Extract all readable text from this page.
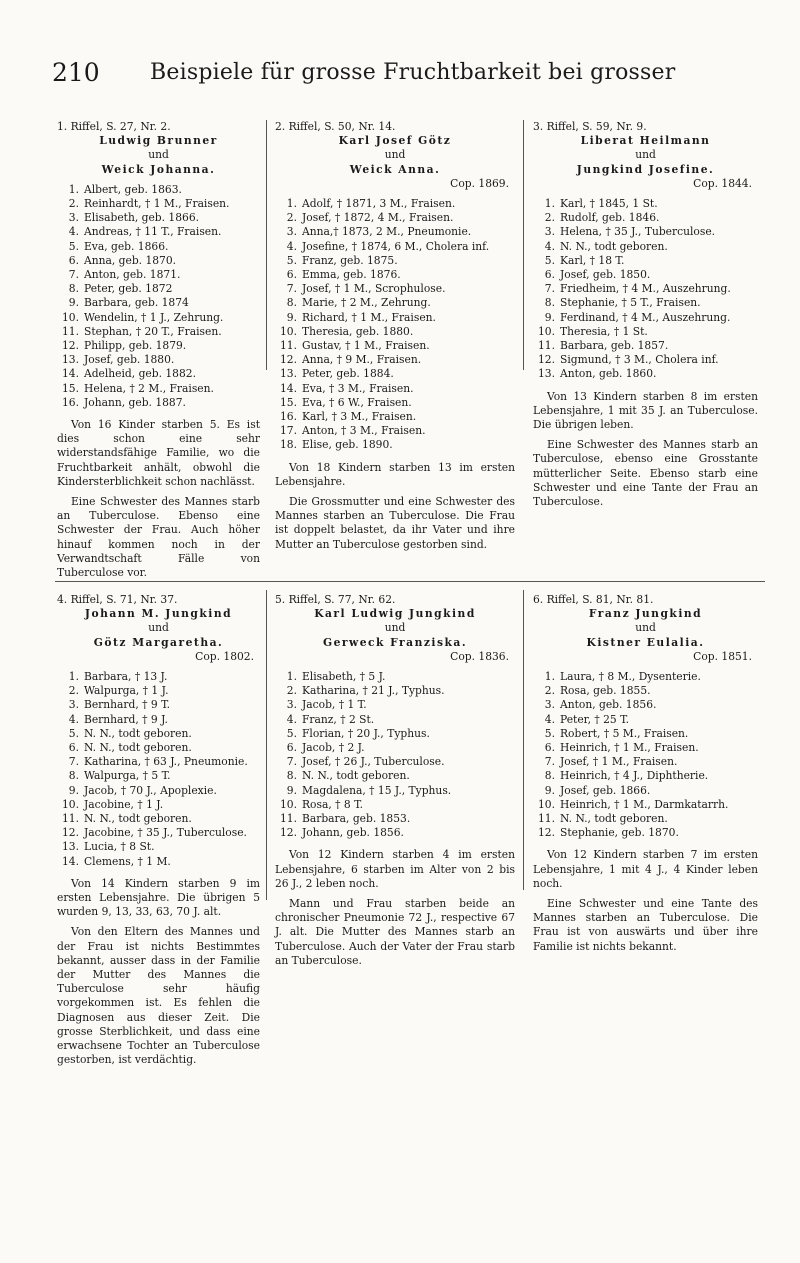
210 Beispiele für grosse Fruchtbarkeit bei grosser
1. Riffel, S. 27, Nr. 2.
Ludwig Brunner
und
Weick Johanna.
1. Albert, geb. 1863.
2. Reinhardt, † 1 M., Fraisen.
3. Elisabeth, geb. 1866.
4. Andreas, † 11 T., Fraisen.
5. Eva, geb. 1866.
6. Anna, geb. 1870.
7. Anton, geb. 1871.
8. Peter, geb. 1872
9. Barbara, geb. 1874
10. Wendelin, † 1 J., Zehrung.
11. Stephan, † 20 T., Fraisen.
12. Philipp, geb. 1879.
13. Josef, geb. 1880.
14. Adelheid, geb. 1882.
15. Helena, † 2 M., Fraisen.
16. Johann, geb. 1887.

Von 16 Kinder starben 5. Es ist dies schon eine sehr widerstandsfähige Familie, wo die Fruchtbarkeit anhält, obwohl die Kindersterblichkeit schon nachlässt.

Eine Schwester des Mannes starb an Tuberculose. Ebenso eine Schwester der Frau. Auch höher hinauf kommen noch in der Verwandtschaft Fälle von Tuberculose vor.

2. Riffel, S. 50, Nr. 14.
Karl Josef Götz
und
Weick Anna.
Cop. 1869.
1. Adolf, † 1871, 3 M., Fraisen.
2. Josef, † 1872, 4 M., Fraisen.
3. Anna,† 1873, 2 M., Pneumonie.
4. Josefine, † 1874, 6 M., Cholera inf.
5. Franz, geb. 1875.
6. Emma, geb. 1876.
7. Josef, † 1 M., Scrophulose.
8. Marie, † 2 M., Zehrung.
9. Richard, † 1 M., Fraisen.
10. Theresia, geb. 1880.
11. Gustav, † 1 M., Fraisen.
12. Anna, † 9 M., Fraisen.
13. Peter, geb. 1884.
14. Eva, † 3 M., Fraisen.
15. Eva, † 6 W., Fraisen.
16. Karl, † 3 M., Fraisen.
17. Anton, † 3 M., Fraisen.
18. Elise, geb. 1890.

Von 18 Kindern starben 13 im ersten Lebensjahre.

Die Grossmutter und eine Schwester des Mannes starben an Tuberculose. Die Frau ist doppelt belastet, da ihr Vater und ihre Mutter an Tuberculose gestorben sind.

3. Riffel, S. 59, Nr. 9.
Liberat Heilmann
und
Jungkind Josefine.
Cop. 1844.
1. Karl, † 1845, 1 St.
2. Rudolf, geb. 1846.
3. Helena, † 35 J., Tuberculose.
4. N. N., todt geboren.
5. Karl, † 18 T.
6. Josef, geb. 1850.
7. Friedheim, † 4 M., Auszehrung.
8. Stephanie, † 5 T., Fraisen.
9. Ferdinand, † 4 M., Auszehrung.
10. Theresia, † 1 St.
11. Barbara, geb. 1857.
12. Sigmund, † 3 M., Cholera inf.
13. Anton, geb. 1860.

Von 13 Kindern starben 8 im ersten Lebensjahre, 1 mit 35 J. an Tuberculose. Die übrigen leben.

Eine Schwester des Mannes starb an Tuberculose, ebenso eine Grosstante mütterlicher Seite. Ebenso starb eine Schwester und eine Tante der Frau an Tuberculose.

4. Riffel, S. 71, Nr. 37.
Johann M. Jungkind
und
Götz Margaretha.
Cop. 1802.
1. Barbara, † 13 J.
2. Walpurga, † 1 J.
3. Bernhard, † 9 T.
4. Bernhard, † 9 J.
5. N. N., todt geboren.
6. N. N., todt geboren.
7. Katharina, † 63 J., Pneumonie.
8. Walpurga, † 5 T.
9. Jacob, † 70 J., Apoplexie.
10. Jacobine, † 1 J.
11. N. N., todt geboren.
12. Jacobine, † 35 J., Tuberculose.
13. Lucia, † 8 St.
14. Clemens, † 1 M.

Von 14 Kindern starben 9 im ersten Lebensjahre. Die übrigen 5 wurden 9, 13, 33, 63, 70 J. alt.

Von den Eltern des Mannes und der Frau ist nichts Bestimmtes bekannt, ausser dass in der Familie der Mutter des Mannes die Tuberculose sehr häufig vorgekommen ist. Es fehlen die Diagnosen aus dieser Zeit. Die grosse Sterblichkeit, und dass eine erwachsene Tochter an Tuberculose gestorben, ist verdächtig.

5. Riffel, S. 77, Nr. 62.
Karl Ludwig Jungkind
und
Gerweck Franziska.
Cop. 1836.
1. Elisabeth, † 5 J.
2. Katharina, † 21 J., Typhus.
3. Jacob, † 1 T.
4. Franz, † 2 St.
5. Florian, † 20 J., Typhus.
6. Jacob, † 2 J.
7. Josef, † 26 J., Tuberculose.
8. N. N., todt geboren.
9. Magdalena, † 15 J., Typhus.
10. Rosa, † 8 T.
11. Barbara, geb. 1853.
12. Johann, geb. 1856.

Von 12 Kindern starben 4 im ersten Lebensjahre, 6 starben im Alter von 2 bis 26 J., 2 leben noch.

Mann und Frau starben beide an chronischer Pneumonie 72 J., respective 67 J. alt. Die Mutter des Mannes starb an Tuberculose. Auch der Vater der Frau starb an Tuberculose.

6. Riffel, S. 81, Nr. 81.
Franz Jungkind
und
Kistner Eulalia.
Cop. 1851.
1. Laura, † 8 M., Dysenterie.
2. Rosa, geb. 1855.
3. Anton, geb. 1856.
4. Peter, † 25 T.
5. Robert, † 5 M., Fraisen.
6. Heinrich, † 1 M., Fraisen.
7. Josef, † 1 M., Fraisen.
8. Heinrich, † 4 J., Diphtherie.
9. Josef, geb. 1866.
10. Heinrich, † 1 M., Darmkatarrh.
11. N. N., todt geboren.
12. Stephanie, geb. 1870.

Von 12 Kindern starben 7 im ersten Lebensjahre, 1 mit 4 J., 4 Kinder leben noch.

Eine Schwester und eine Tante des Mannes starben an Tuberculose. Die Frau ist von auswärts und über ihre Familie ist nichts bekannt.
